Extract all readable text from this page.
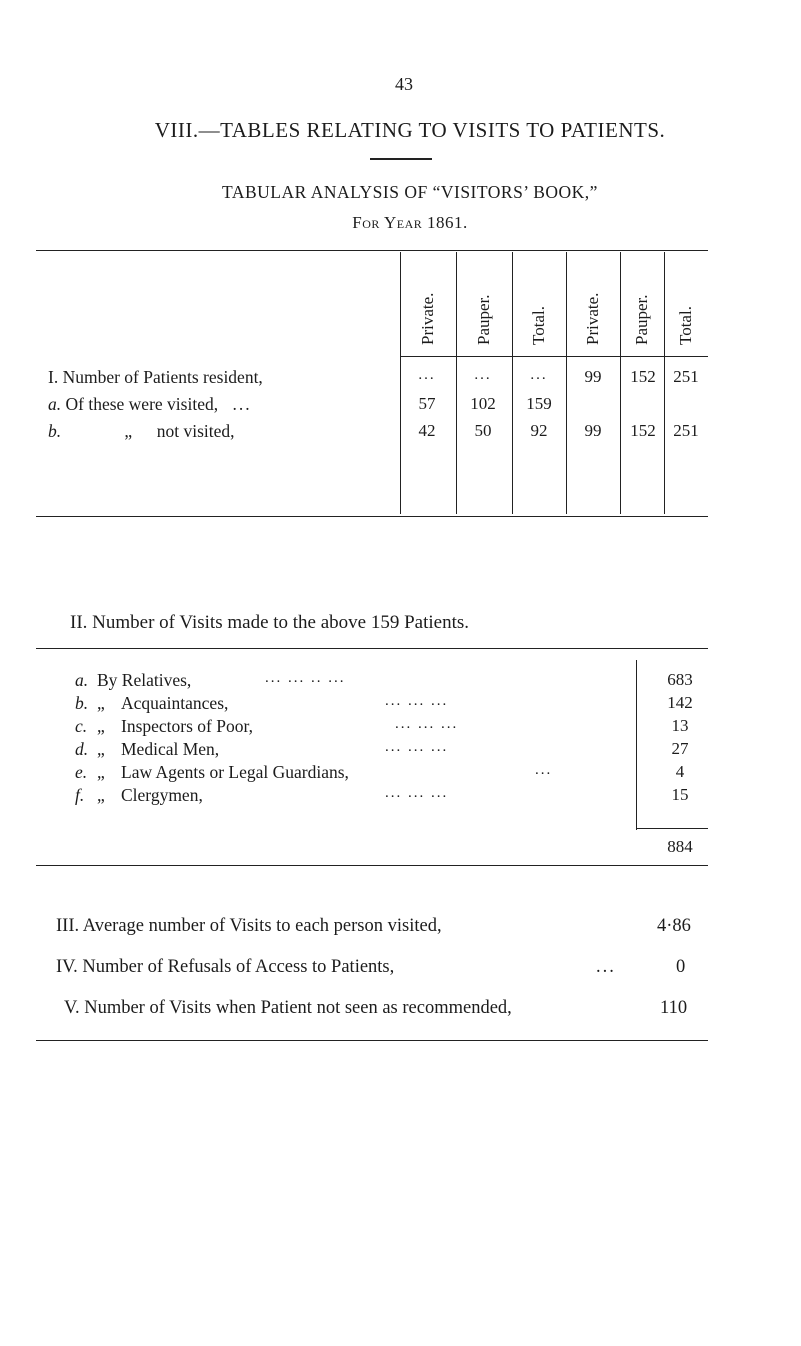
43
VIII.—TABLES RELATING TO VISITS TO PATIENTS.
TABULAR ANALYSIS OF “VISITORS’ BOOK,”
For Year 1861.
Private. Pauper. Total. Private. Pauper. Total.
I. Number of Patients resident,	...	...	...	99	152	251
a. Of these were visited, ...	57	102	159
b.	„ not visited,	42	50	92	99	152	251
II. Number of Visits made to the above 159 Patients.
a. By Relatives,	... ... .. ...	683
b. „ Acquaintances,	... ... ...	142
c. „ Inspectors of Poor,	... ... ...	13
d. „ Medical Men,	... ... ...	27
e. „ Law Agents or Legal Guardians,	...	4
f. „ Clergymen,	... ... ...	15
884
III. Average number of Visits to each person visited,	4·86
IV. Number of Refusals of Access to Patients,	...	0
V. Number of Visits when Patient not seen as recommended,	110
